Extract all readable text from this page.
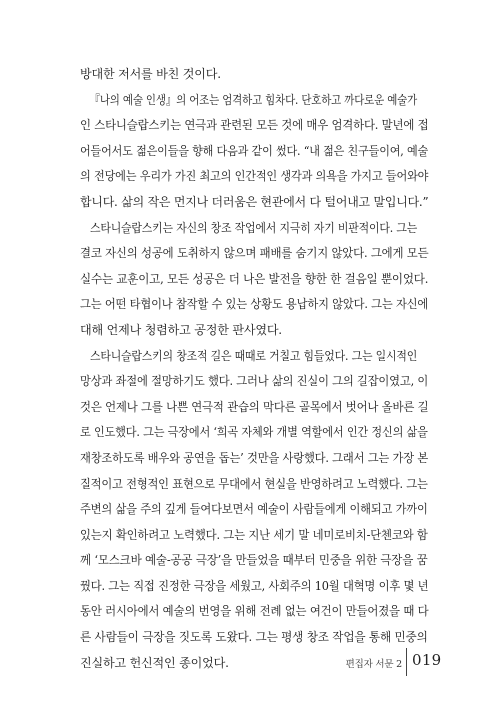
방대한 저서를 바친 것이다.
『나의 예술 인생』의 어조는 엄격하고 힘차다. 단호하고 까다로운 예술가
인 스타니슬랍스키는 연극과 관련된 모든 것에 매우 엄격하다. 말년에 접
어들어서도 젊은이들을 향해 다음과 같이 썼다. “내 젊은 친구들이여, 예술
의 전당에는 우리가 가진 최고의 인간적인 생각과 의욕을 가지고 들어와야
합니다. 삶의 작은 먼지나 더러움은 현관에서 다 털어내고 말입니다.”
스타니슬랍스키는 자신의 창조 작업에서 지극히 자기 비판적이다. 그는
결코 자신의 성공에 도취하지 않으며 패배를 숨기지 않았다. 그에게 모든
실수는 교훈이고, 모든 성공은 더 나은 발전을 향한 한 걸음일 뿐이었다.
그는 어떤 타협이나 참작할 수 있는 상황도 용납하지 않았다. 그는 자신에
대해 언제나 청렴하고 공정한 판사였다.
스타니슬랍스키의 창조적 길은 때때로 거칠고 힘들었다. 그는 일시적인
망상과 좌절에 절망하기도 했다. 그러나 삶의 진실이 그의 길잡이였고, 이
것은 언제나 그를 나쁜 연극적 관습의 막다른 골목에서 벗어나 올바른 길
로 인도했다. 그는 극장에서 ‘희곡 자체와 개별 역할에서 인간 정신의 삶을
재창조하도록 배우와 공연을 돕는’ 것만을 사랑했다. 그래서 그는 가장 본
질적이고 전형적인 표현으로 무대에서 현실을 반영하려고 노력했다. 그는
주변의 삶을 주의 깊게 들여다보면서 예술이 사람들에게 이해되고 가까이
있는지 확인하려고 노력했다. 그는 지난 세기 말 네미로비치-단첸코와 함
께 ‘모스크바 예술-공공 극장’을 만들었을 때부터 민중을 위한 극장을 꿈
꿨다. 그는 직접 진정한 극장을 세웠고, 사회주의 10월 대혁명 이후 몇 년
동안 러시아에서 예술의 번영을 위해 전례 없는 여건이 만들어졌을 때 다
른 사람들이 극장을 짓도록 도왔다. 그는 평생 창조 작업을 통해 민중의
진실하고 헌신적인 종이었다.	편집자 서문 2 019
